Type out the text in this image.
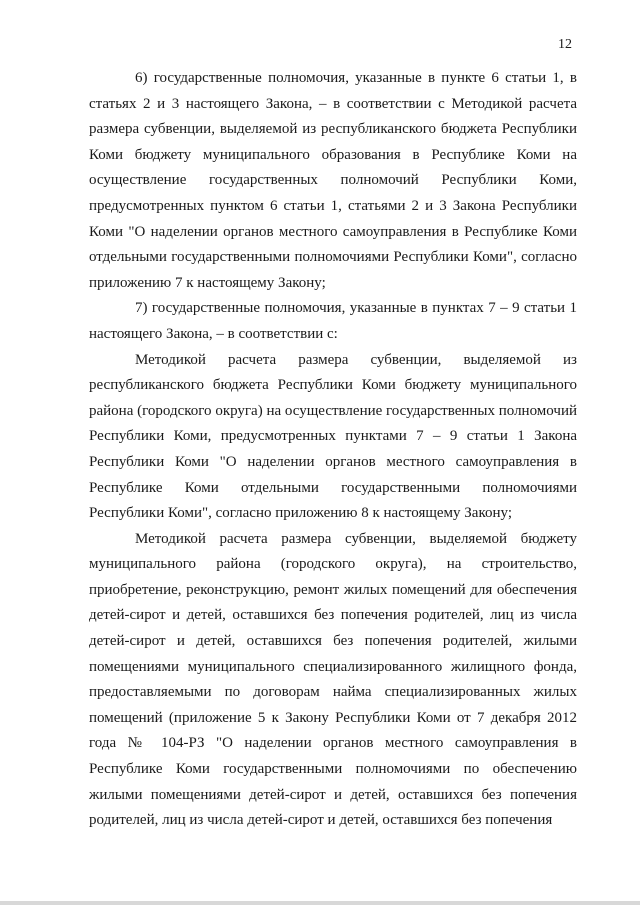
12

6) государственные полномочия, указанные в пункте 6 статьи 1, в статьях 2 и 3 настоящего Закона, – в соответствии с Методикой расчета размера субвенции, выделяемой из республиканского бюджета Республики Коми бюджету муниципального образования в Республике Коми на осуществление государственных полномочий Республики Коми, предусмотренных пунктом 6 статьи 1, статьями 2 и 3 Закона Республики Коми "О наделении органов местного самоуправления в Республике Коми отдельными государственными полномочиями Республики Коми", согласно приложению 7 к настоящему Закону;

7) государственные полномочия, указанные в пунктах 7 – 9 статьи 1 настоящего Закона, – в соответствии с:

Методикой расчета размера субвенции, выделяемой из республиканского бюджета Республики Коми бюджету муниципального района (городского округа) на осуществление государственных полномочий Республики Коми, предусмотренных пунктами 7 – 9 статьи 1 Закона Республики Коми "О наделении органов местного самоуправления в Республике Коми отдельными государственными полномочиями Республики Коми", согласно приложению 8 к настоящему Закону;

Методикой расчета размера субвенции, выделяемой бюджету муниципального района (городского округа), на строительство, приобретение, реконструкцию, ремонт жилых помещений для обеспечения детей-сирот и детей, оставшихся без попечения родителей, лиц из числа детей-сирот и детей, оставшихся без попечения родителей, жилыми помещениями муниципального специализированного жилищного фонда, предоставляемыми по договорам найма специализированных жилых помещений (приложение 5 к Закону Республики Коми от 7 декабря 2012 года № 104-РЗ "О наделении органов местного самоуправления в Республике Коми государственными полномочиями по обеспечению жилыми помещениями детей-сирот и детей, оставшихся без попечения родителей, лиц из числа детей-сирот и детей, оставшихся без попечения
